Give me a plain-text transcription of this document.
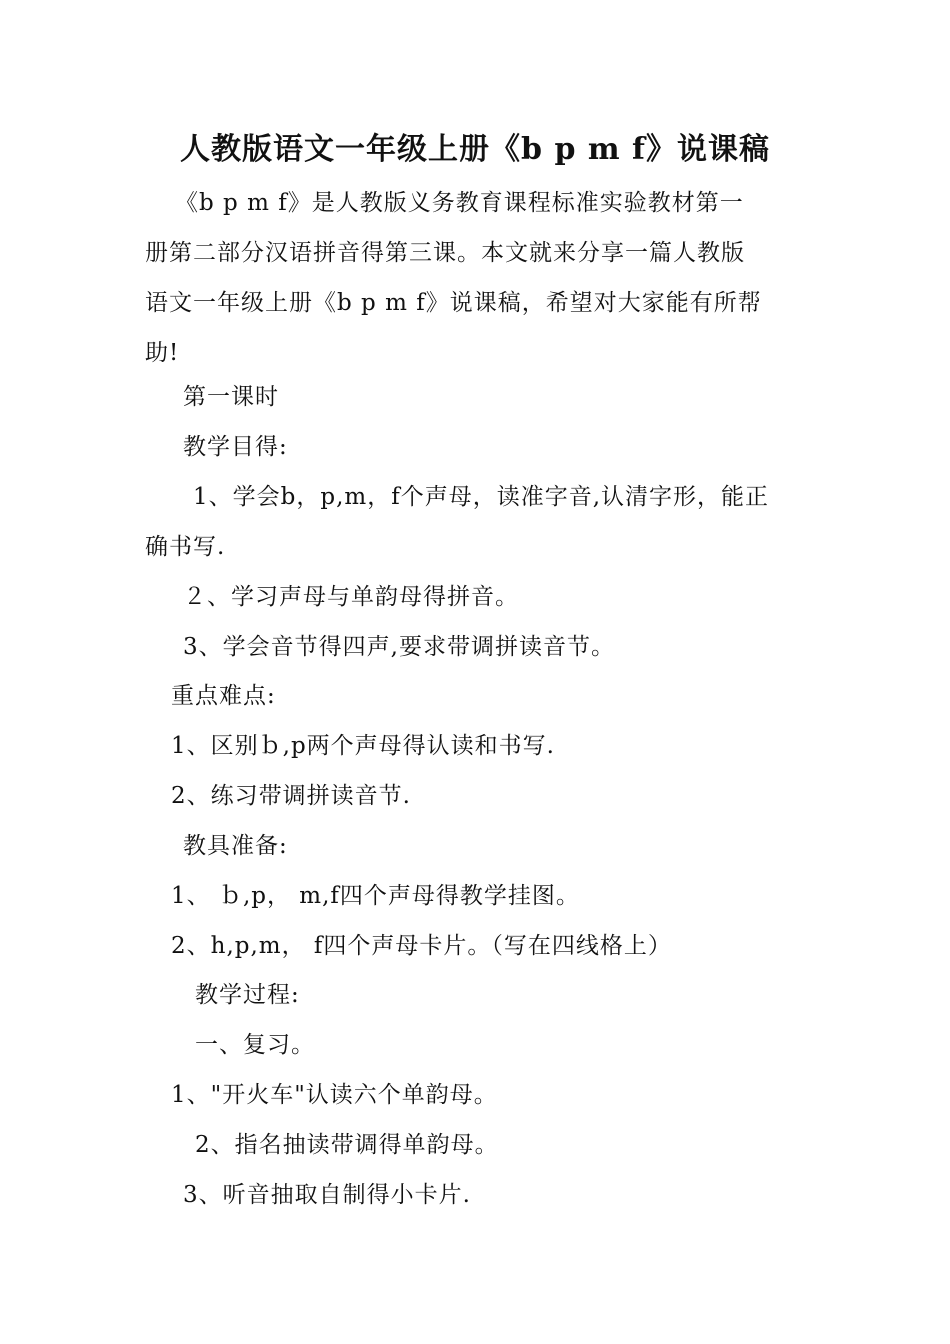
人教版语文一年级上册《b p m f》说课稿

《b p m f》是人教版义务教育课程标准实验教材第一

册第二部分汉语拼音得第三课。本文就来分享一篇人教版

语文一年级上册《b p m f》说课稿，希望对大家能有所帮

助!

第一课时
教学目得:
1、学会b，p,m，f个声母，读准字音,认清字形，能正
确书写.
２、学习声母与单韵母得拼音。
3、学会音节得四声,要求带调拼读音节。
重点难点:
1、区别ｂ,p两个声母得认读和书写.
2、练习带调拼读音节.
教具准备:
1、 ｂ,p， m,f四个声母得教学挂图。
2、h,p,m， f四个声母卡片。（写在四线格上）
教学过程:
一、复习。
1、"开火车"认读六个单韵母。
2、指名抽读带调得单韵母。
3、听音抽取自制得小卡片.
